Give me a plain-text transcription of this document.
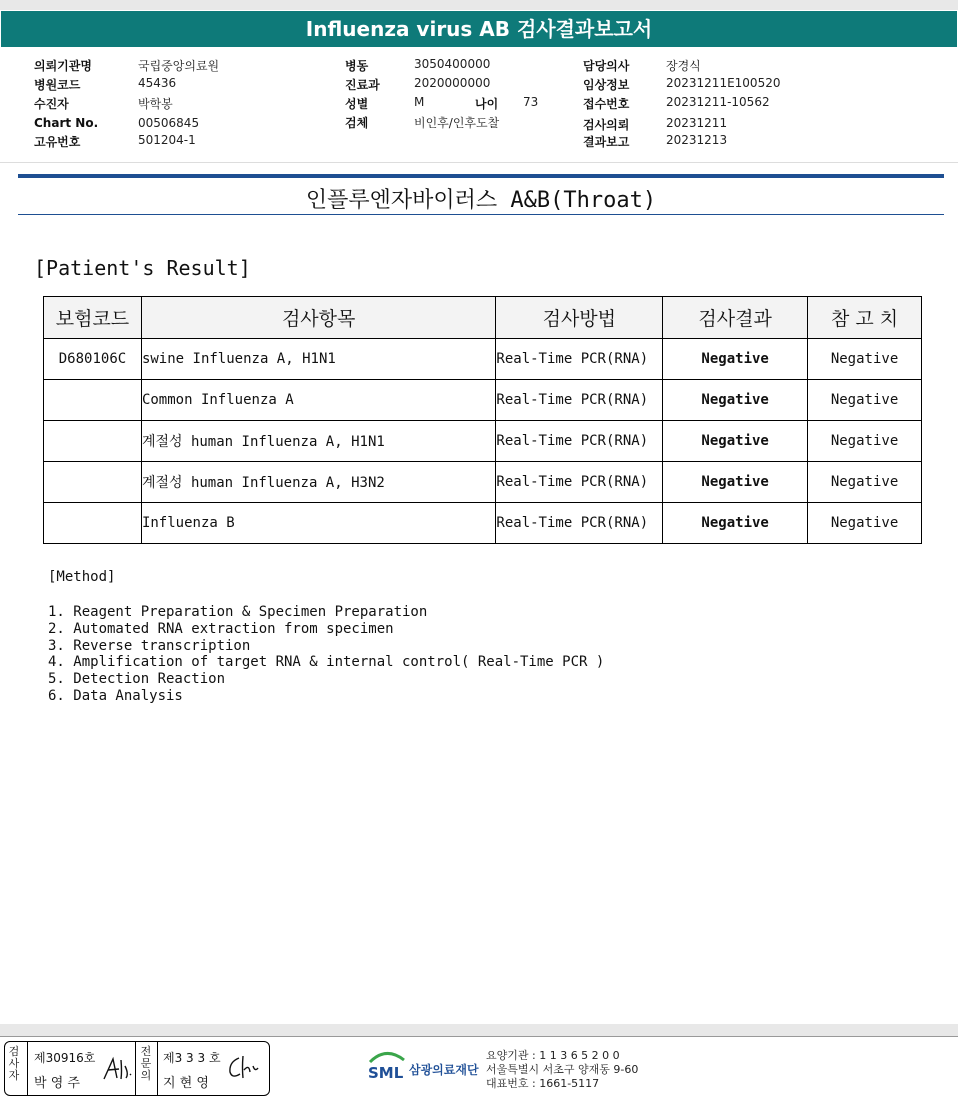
Influenza virus AB 검사결과보고서
의뢰기관명	국립중앙의료원
병원코드	45436
수진자	박학봉
Chart No.	00506845
고유번호	501204-1
병동	3050400000
진료과	2020000000
성별	M	나이 73
검체	비인후/인후도찰
담당의사	장경식
임상정보	20231211E100520
접수번호	20231211-10562
검사의뢰	20231211
결과보고	20231213
인플루엔자바이러스 A&B(Throat)
[Patient's Result]
보험코드	검사항목	검사방법	검사결과	참 고 치
D680106C	swine Influenza A, H1N1	Real-Time PCR(RNA)	Negative	Negative
	Common Influenza A	Real-Time PCR(RNA)	Negative	Negative
	계절성 human Influenza A, H1N1	Real-Time PCR(RNA)	Negative	Negative
	계절성 human Influenza A, H3N2	Real-Time PCR(RNA)	Negative	Negative
	Influenza B	Real-Time PCR(RNA)	Negative	Negative
[Method]
1. Reagent Preparation & Specimen Preparation
2. Automated RNA extraction from specimen
3. Reverse transcription
4. Amplification of target RNA & internal control( Real-Time PCR )
5. Detection Reaction
6. Data Analysis
검사자
제30916호
박 영 주
전문의
제3 3 3 호
지 현 영
SML 삼광의료재단
요양기관 : 1 1 3 6 5 2 0 0
서울특별시 서초구 양재동 9-60
대표번호 : 1661-5117
